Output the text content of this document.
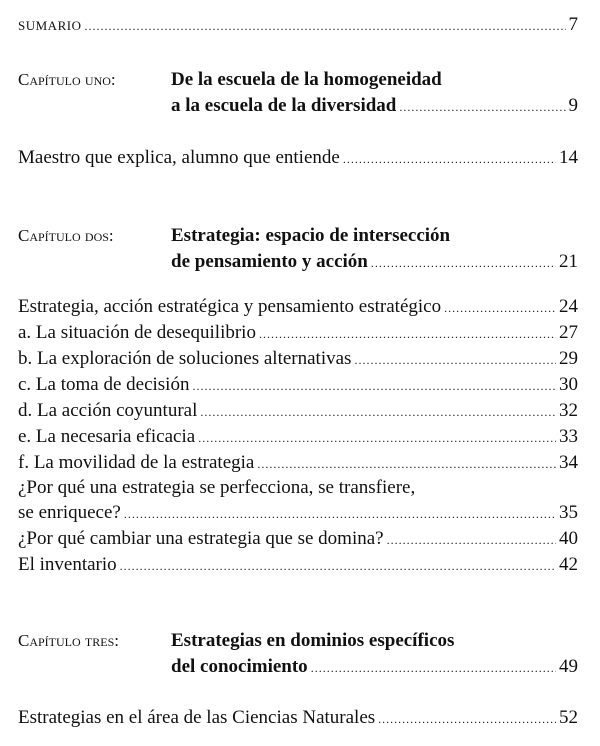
SUMARIO . . .	7
Capítulo uno:	De la escuela de la homogeneidad
a la escuela de la diversidad . . .	9
Maestro que explica, alumno que entiende . . .	14
Capítulo dos:	Estrategia: espacio de intersección
de pensamiento y acción . . .	21
Estrategia, acción estratégica y pensamiento estratégico . . .	24
a. La situación de desequilibrio . . .	27
b. La exploración de soluciones alternativas . . .	29
c. La toma de decisión . . .	30
d. La acción coyuntural . . .	32
e. La necesaria eficacia . . .	33
f. La movilidad de la estrategia . . .	34
¿Por qué una estrategia se perfecciona, se transfiere,
se enriquece? . . .	35
¿Por qué cambiar una estrategia que se domina? . . .	40
El inventario . . .	42
Capítulo tres:	Estrategias en dominios específicos
del conocimiento . . .	49
Estrategias en el área de las Ciencias Naturales . . .	52
